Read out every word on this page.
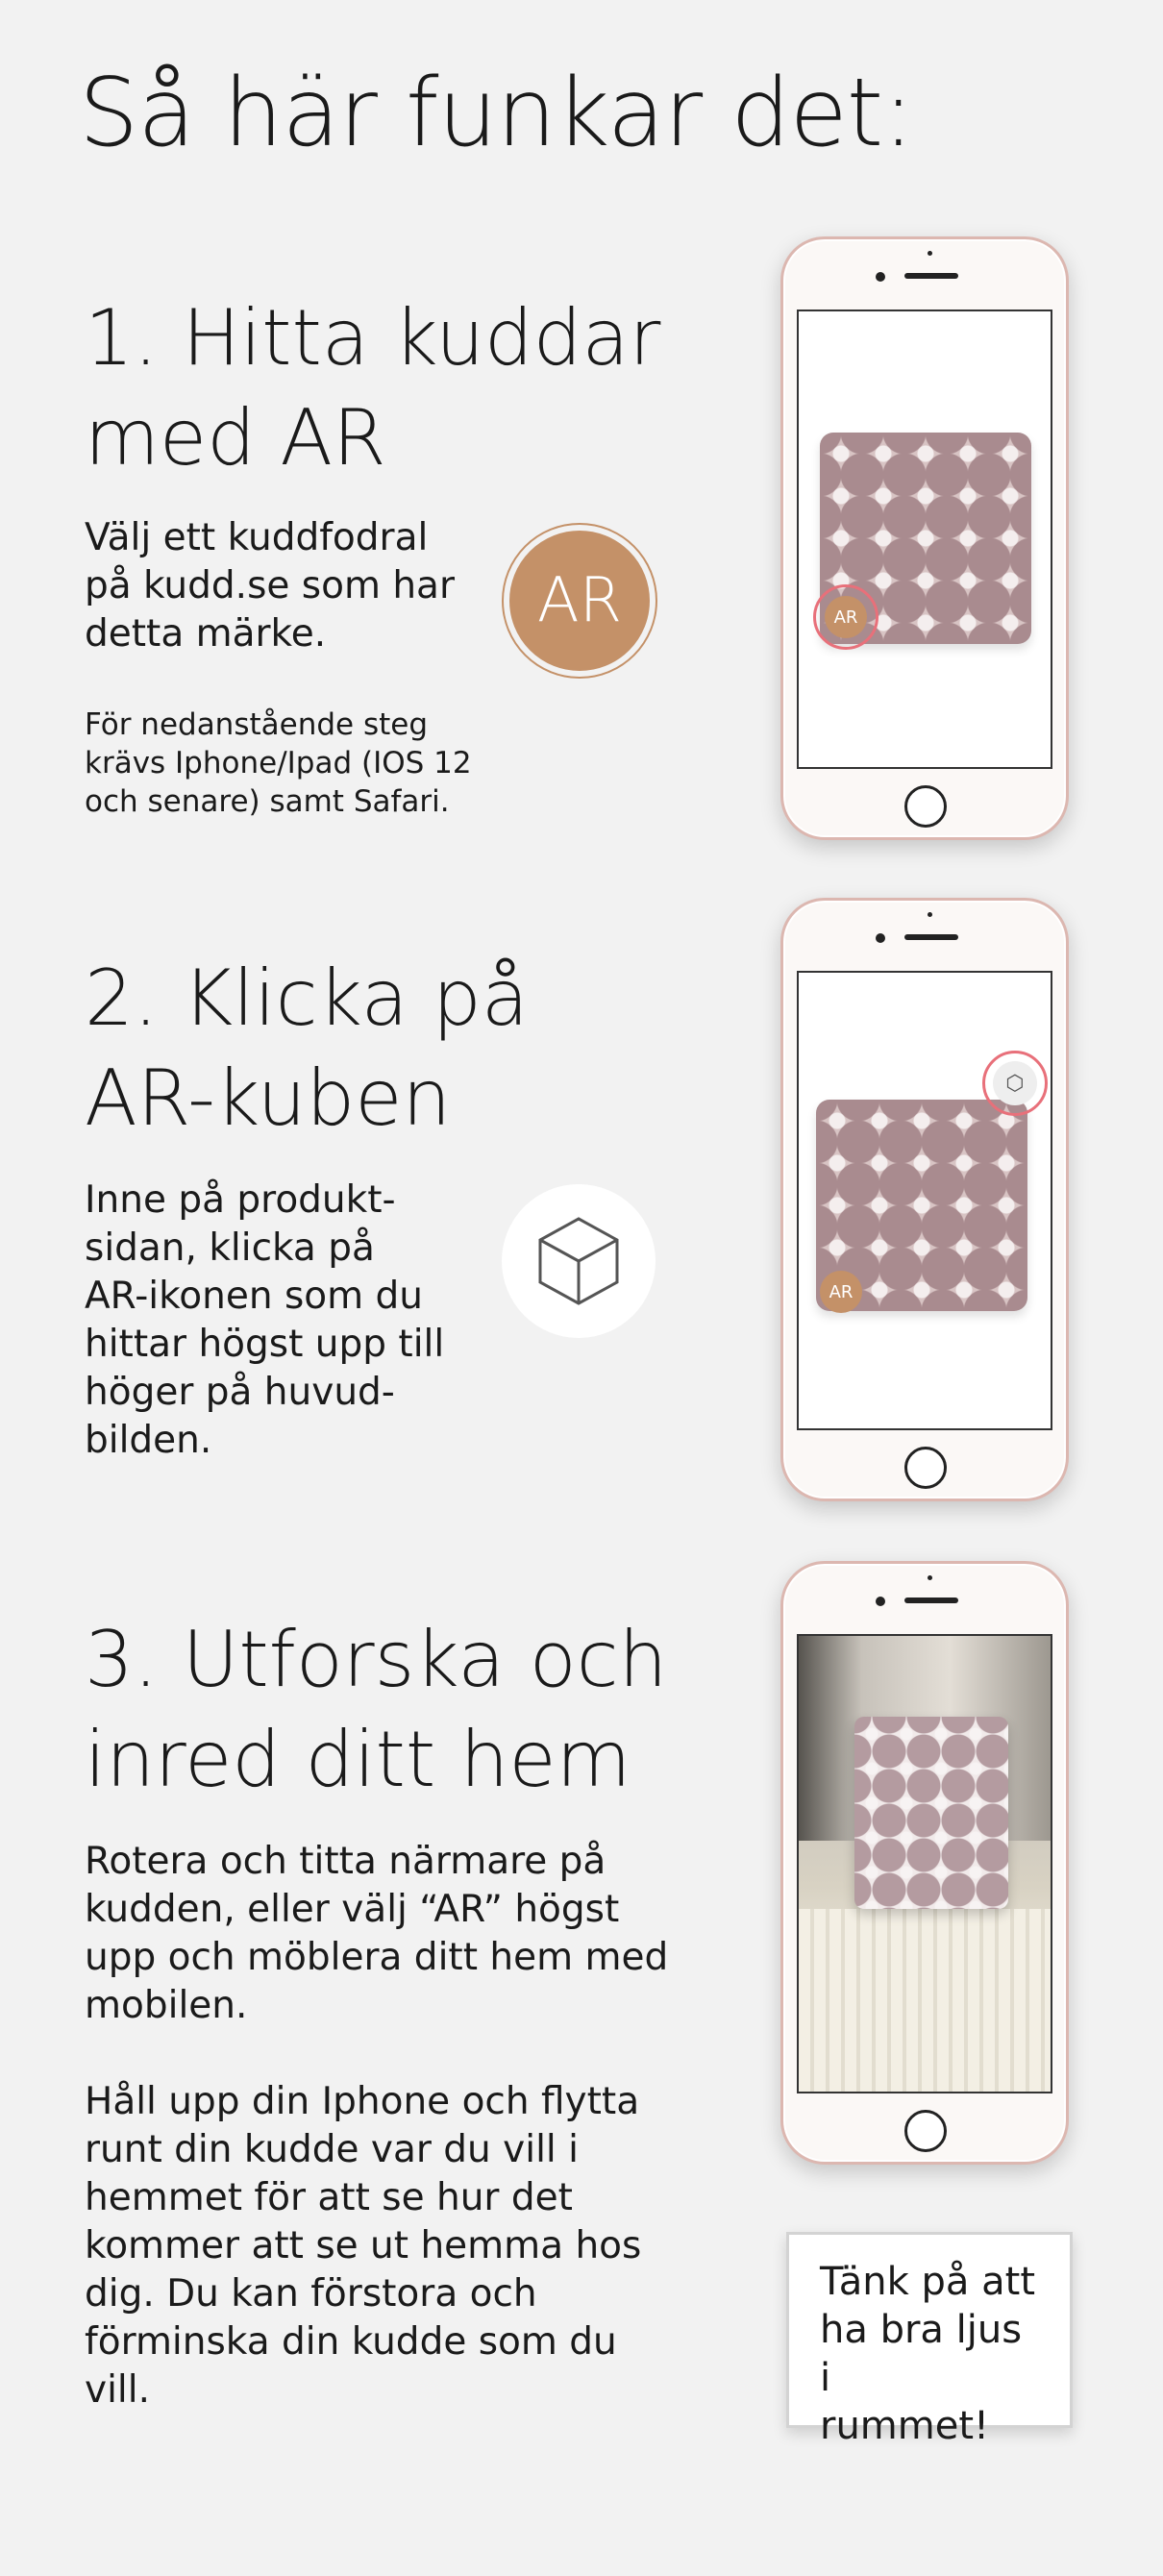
Så här funkar det:
1. Hitta kuddar
med AR
Välj ett kuddfodral
på kudd.se som har
detta märke.
För nedanstående steg
krävs Iphone/Ipad (IOS 12
och senare) samt Safari.
AR	AR
2. Klicka på
AR-kuben
Inne på produkt-
sidan, klicka på
AR-ikonen som du
hittar högst upp till
höger på huvud-
bilden.
AR
⬡
3. Utforska och
inred ditt hem
Rotera och titta närmare på
kudden, eller välj “AR” högst
upp och möblera ditt hem med
mobilen.
Håll upp din Iphone och flytta
runt din kudde var du vill i
hemmet för att se hur det
kommer att se ut hemma hos
dig. Du kan förstora och
förminska din kudde som du
vill.
Tänk på att
ha bra ljus i
rummet!
